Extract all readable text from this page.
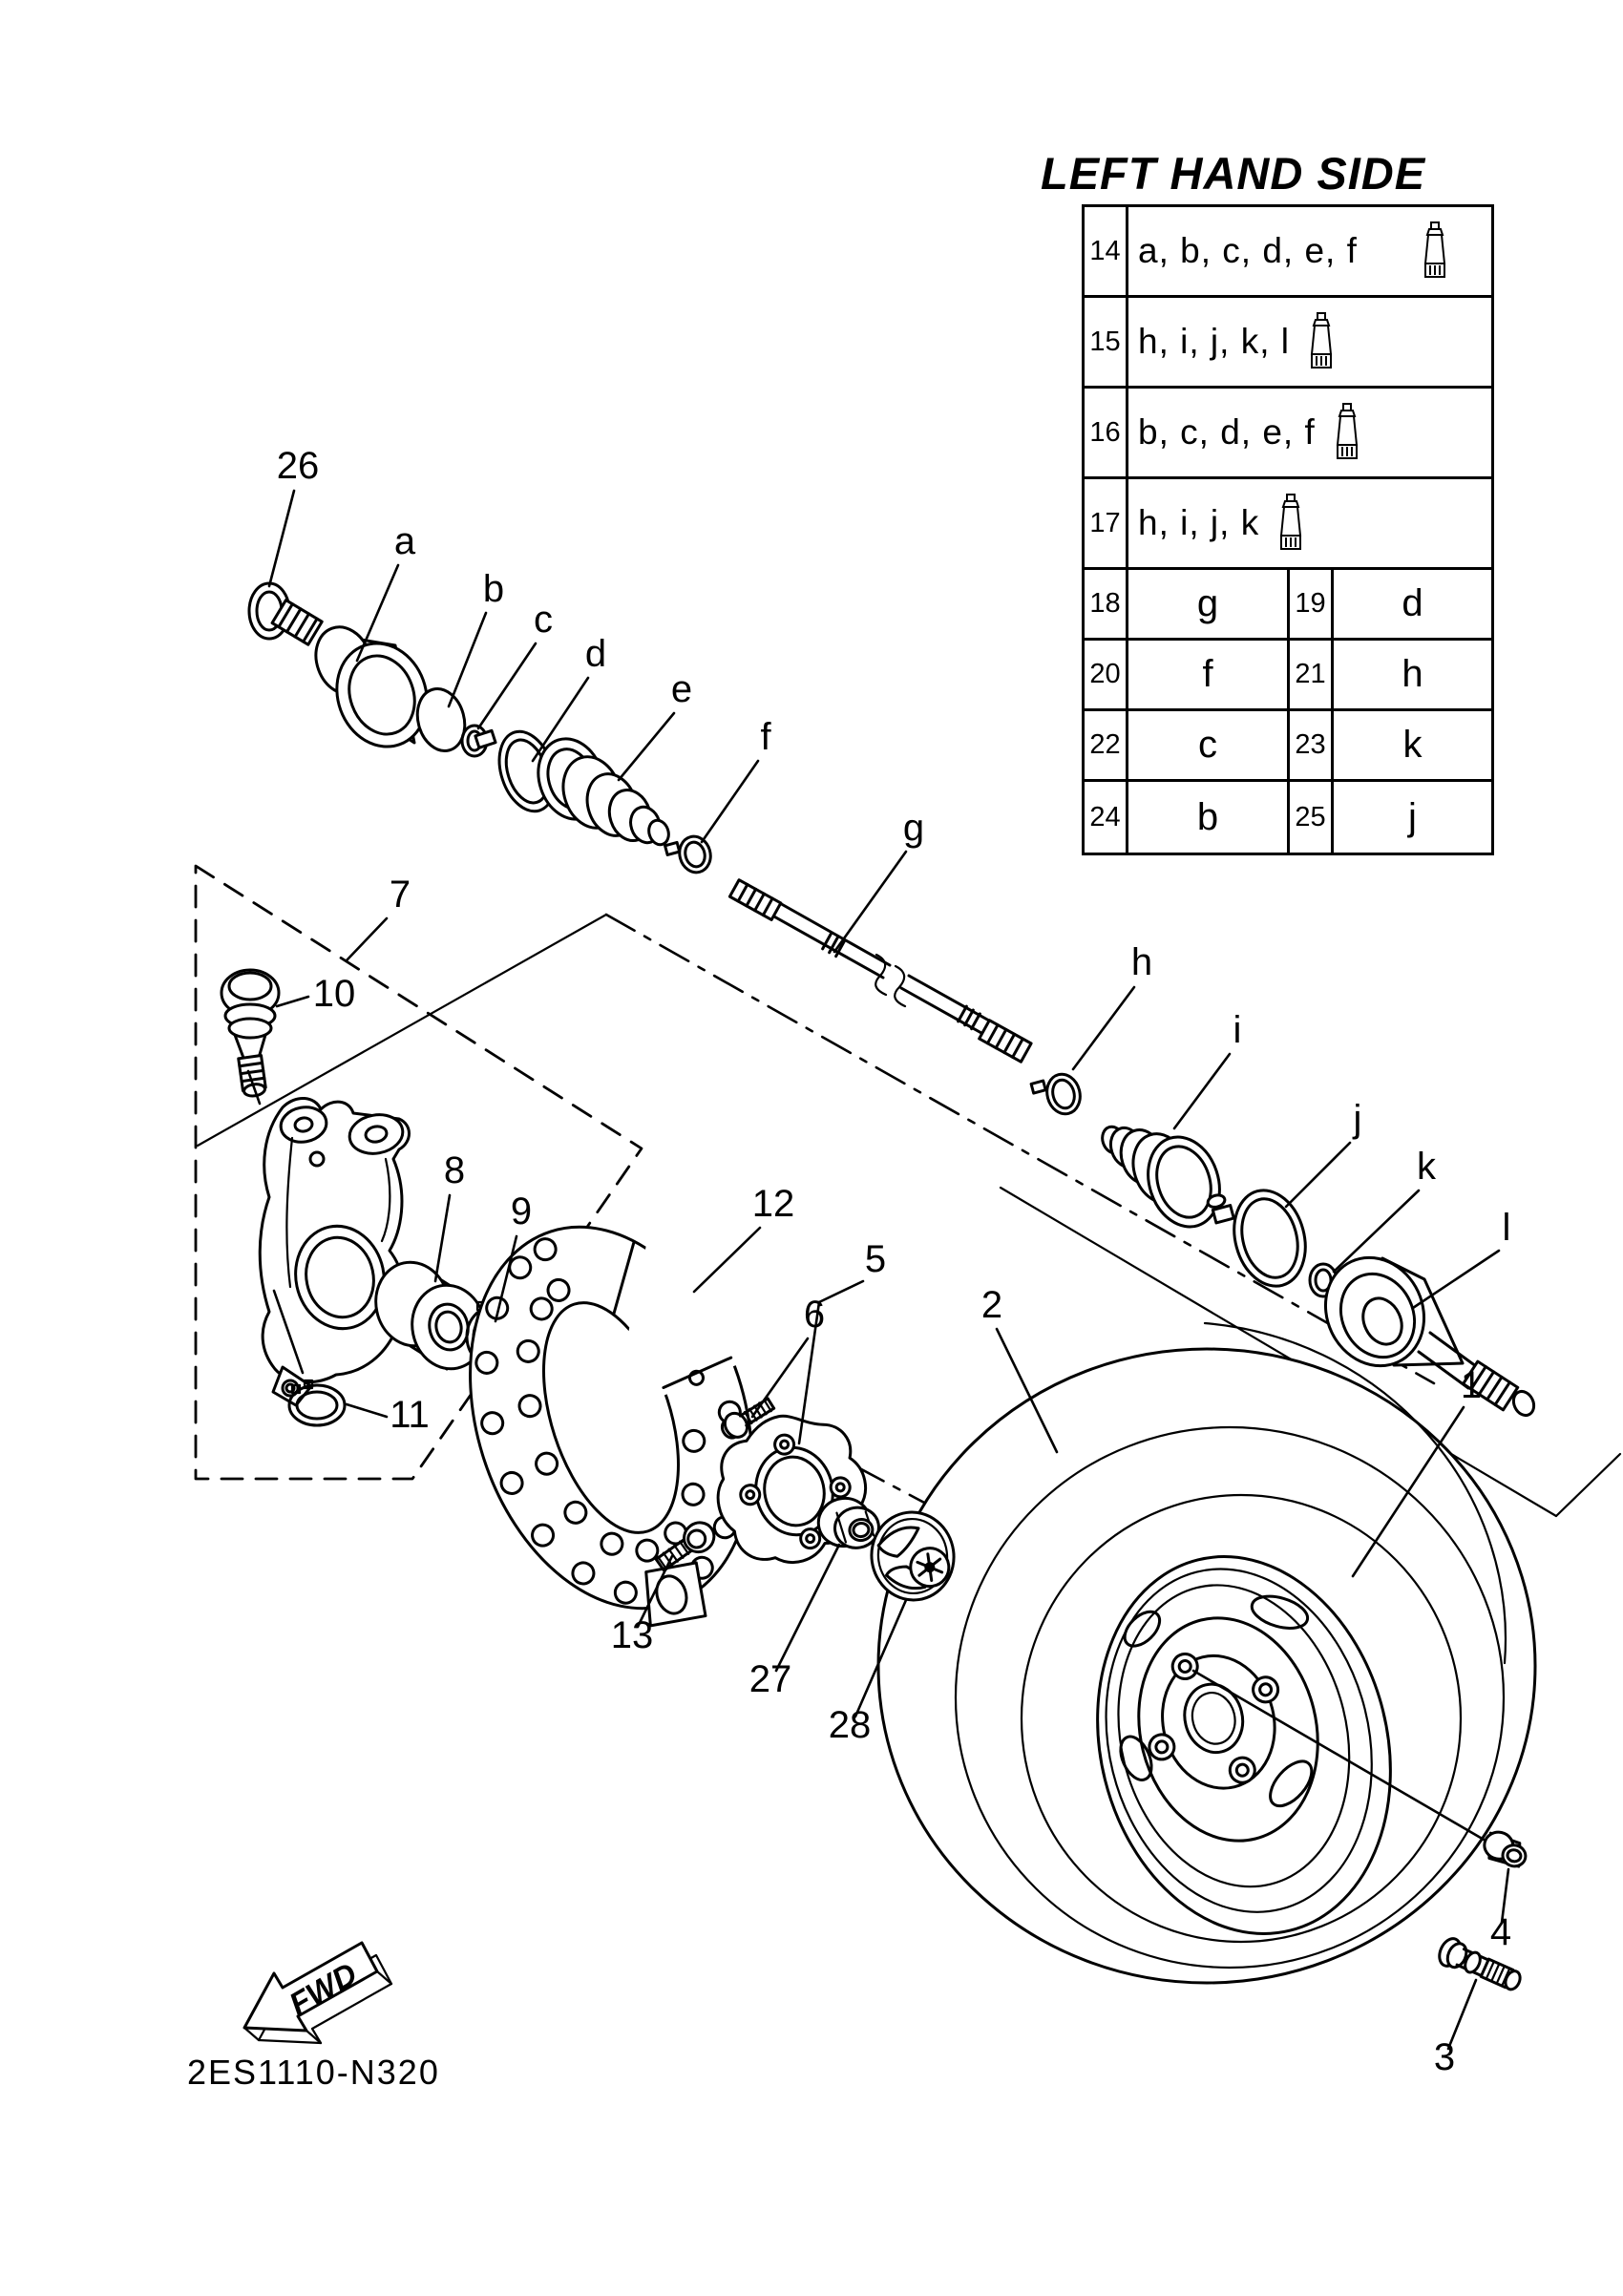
FWD
26
a
b
c
d
e
f
g
h
i
j
k
l
7
10
8
9
11
12
5
6	2
1
13
27
28
4
3
LEFT HAND SIDE
14 a, b, c, d, e, f
15 h, i, j, k, l
16 b, c, d, e, f
17 h, i, j, k
18	g	19	d
20	f	21	h
22	c	23	k
24	b	25	j
2ES1110-N320
